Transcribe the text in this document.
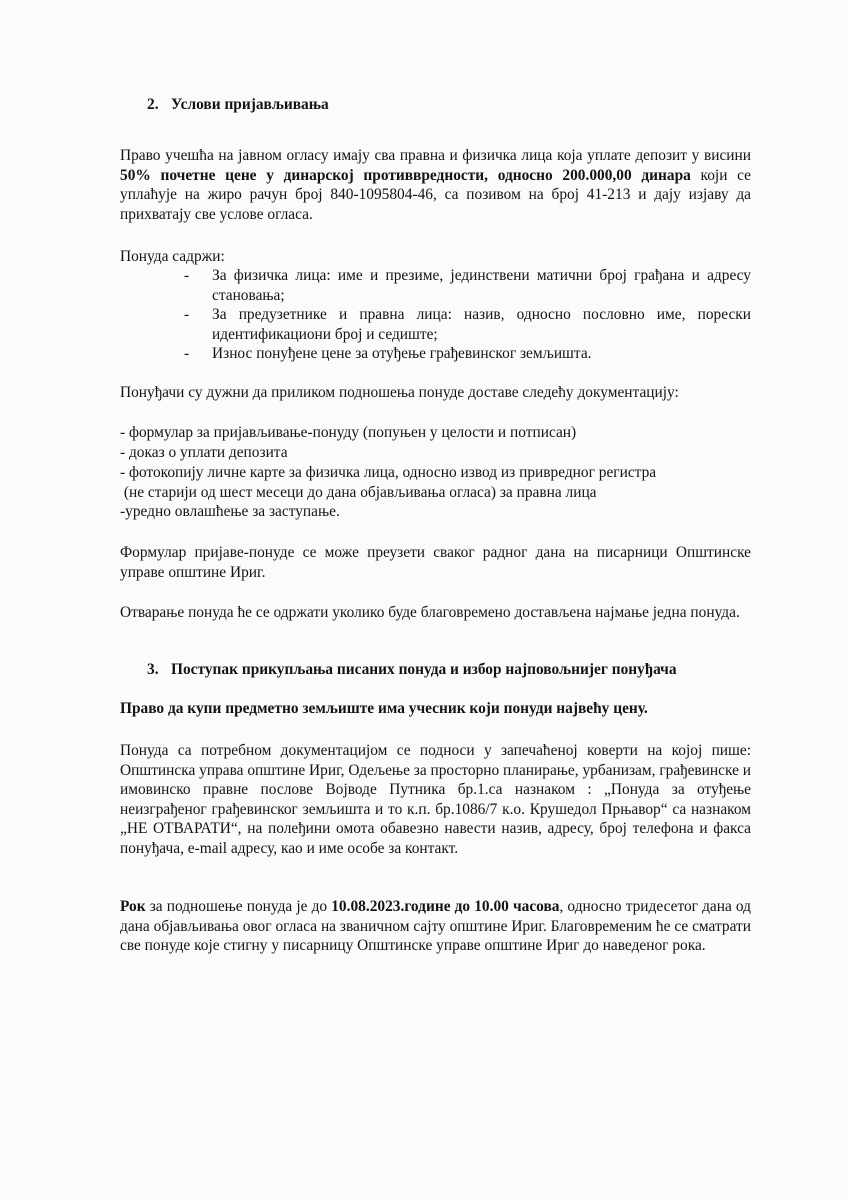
2. Услови пријављивања

Право учешћа на јавном огласу имају сва правна и физичка лица која уплате депозит у висини 50% почетне цене у динарској противвредности, односно 200.000,00 динара који се уплаћује на жиро рачун број 840-1095804-46, са позивом на број 41-213 и дају изјаву да прихватају све услове огласа.

Понуда садржи:

- За физичка лица: име и презиме, јединствени матични број грађана и адресу становања;
- За предузетнике и правна лица: назив, односно пословно име, порески идентификациони број и седиште;
- Износ понуђене цене за отуђење грађевинског земљишта.

Понуђачи су дужни да приликом подношења понуде доставе следећу документацију:

- формулар за пријављивање-понуду (попуњен у целости и потписан)

- доказ о уплати депозита

- фотокопију личне карте за физичка лица, односно извод из привредног регистра

(не старији од шест месеци до дана објављивања огласа) за правна лица

-уредно овлашћење за заступање.

Формулар пријаве-понуде се може преузети сваког радног дана на писарници Општинске управе општине Ириг.

Отварање понуда ће се одржати уколико буде благовремено достављена најмање једна понуда.

3. Поступак прикупљања писаних понуда и избор најповољнијег понуђача

Право да купи предметно земљиште има учесник који понуди највећу цену.

Понуда са потребном документацијом се подноси у запечаћеној коверти на којој пише: Општинска управа општине Ириг, Одељење за просторно планирање, урбанизам, грађевинске и имовинско правне послове Војводе Путника бр.1.са назнаком : „Понуда за отуђење неизграђеног грађевинског земљишта и то к.п. бр.1086/7 к.о. Крушедол Прњавор“ са назнаком „НЕ ОТВАРАТИ“, на полеђини омота обавезно навести назив, адресу, број телефона и факса понуђача, e-mail адресу, као и име особе за контакт.

Рок за подношење понуда је до 10.08.2023.године до 10.00 часова, односно тридесетог дана од дана објављивања овог огласа на званичном сајту општине Ириг. Благовременим ће се сматрати све понуде које стигну у писарницу Општинске управе општине Ириг до наведеног рока.
